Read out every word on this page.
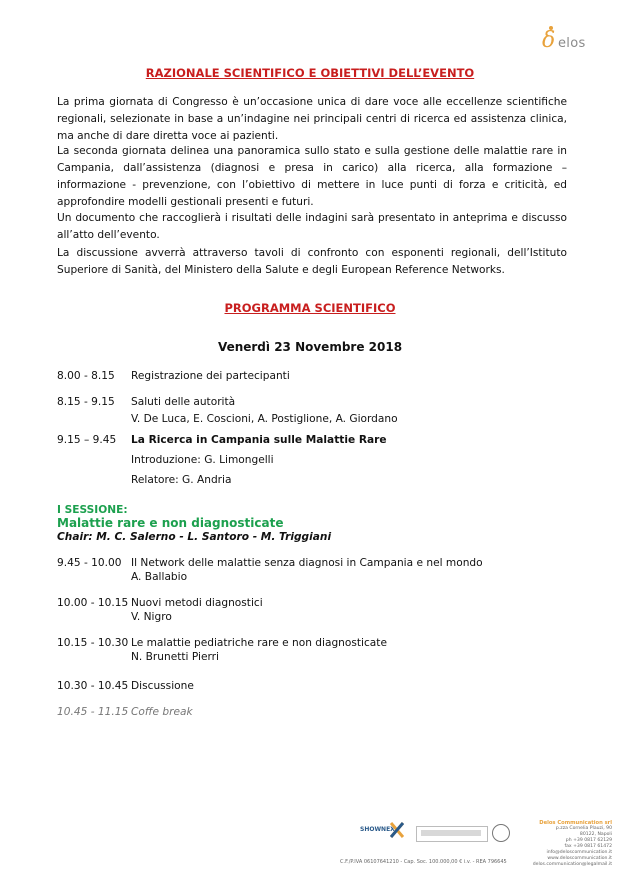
δ elos
RAZIONALE SCIENTIFICO E OBIETTIVI DELL’EVENTO
La prima giornata di Congresso è un’occasione unica di dare voce alle eccellenze scientifiche regionali, selezionate in base a un’indagine nei principali centri di ricerca ed assistenza clinica, ma anche di dare diretta voce ai pazienti.
La seconda giornata delinea una panoramica sullo stato e sulla gestione delle malattie rare in Campania, dall’assistenza (diagnosi e presa in carico) alla ricerca, alla formazione – informazione - prevenzione, con l’obiettivo di mettere in luce punti di forza e criticità, ed approfondire modelli gestionali presenti e futuri.
Un documento che raccoglierà i risultati delle indagini sarà presentato in anteprima e discusso all’atto dell’evento.
La discussione avverrà attraverso tavoli di confronto con esponenti regionali, dell’Istituto Superiore di Sanità, del Ministero della Salute e degli European Reference Networks.
PROGRAMMA SCIENTIFICO
Venerdì 23 Novembre 2018
8.00 - 8.15 Registrazione dei partecipanti
8.15 - 9.15 Saluti delle autorità
V. De Luca, E. Coscioni, A. Postiglione, A. Giordano
9.15 – 9.45 La Ricerca in Campania sulle Malattie Rare
Introduzione: G. Limongelli
Relatore: G. Andria
I SESSIONE:
Malattie rare e non diagnosticate
Chair: M. C. Salerno - L. Santoro - M. Triggiani
9.45 - 10.00 Il Network delle malattie senza diagnosi in Campania e nel mondo
A. Ballabio
10.00 - 10.15 Nuovi metodi diagnostici
V. Nigro
10.15 - 10.30 Le malattie pediatriche rare e non diagnosticate
N. Brunetti Pierri
10.30 - 10.45 Discussione
10.45 - 11.15 Coffe break
SHOWNEX
Delos Communication srl
p.zza Cornelia Plauzi, 90
80122, Napoli
ph +39 0817 62129
fax +39 0817 61472
info@deloscommunication.it
www.deloscommunication.it
delos.communication@legalmail.it
C.F./P.IVA 06107641210 - Cap. Soc. 100.000,00 € i.v. - REA 796645
